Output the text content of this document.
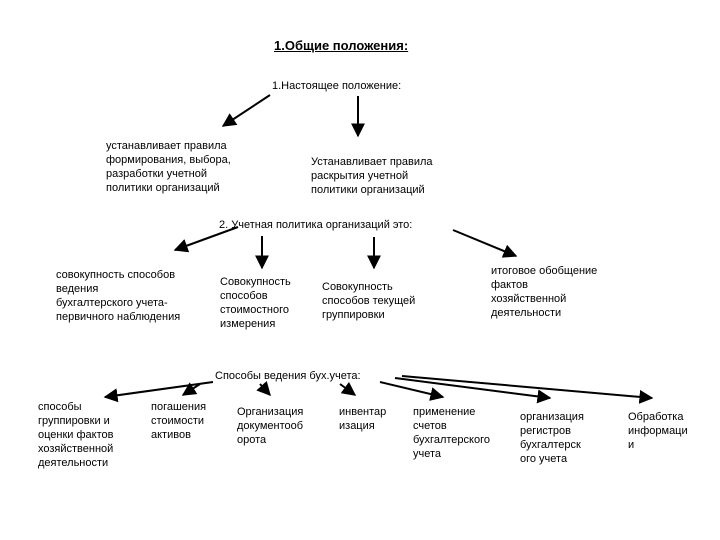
1.Общие положения:
1.Настоящее положение:

устанавливает правила
формирования, выбора,
разработки учетной
политики организаций

Устанавливает правила
раскрытия учетной
политики организаций

2. Учетная политика организаций это:

совокупность способов
ведения
бухгалтерского учета-
первичного наблюдения

Совокупность
способов
стоимостного
измерения

Совокупность
способов текущей
группировки

итоговое обобщение
фактов
хозяйственной
деятельности

Способы ведения бух.учета:

способы
группировки и
оценки фактов
хозяйственной
деятельности

погашения
стоимости
активов

Организация
документооб
орота

инвентар
изация

применение
счетов
бухгалтерского
учета

организация
регистров
бухгалтерск
ого учета

Обработка
информаци
и
